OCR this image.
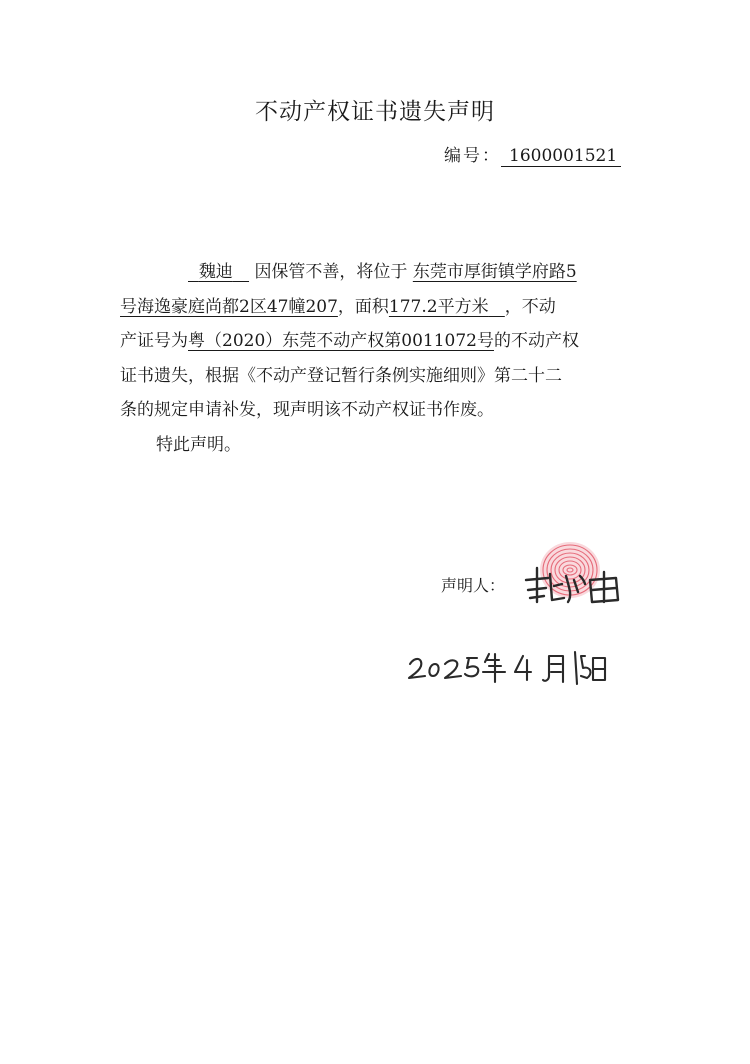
不动产权证书遗失声明
编号： 1600001521
魏迪 因保管不善，将位于 东莞市厚街镇学府路5
号海逸豪庭尚都2区47幢207，面积177.2平方米 ，不动
产证号为粤（2020）东莞不动产权第0011072号的不动产权
证书遗失，根据《不动产登记暂行条例实施细则》第二十二
条的规定申请补发，现声明该不动产权证书作废。
特此声明。
声明人：
